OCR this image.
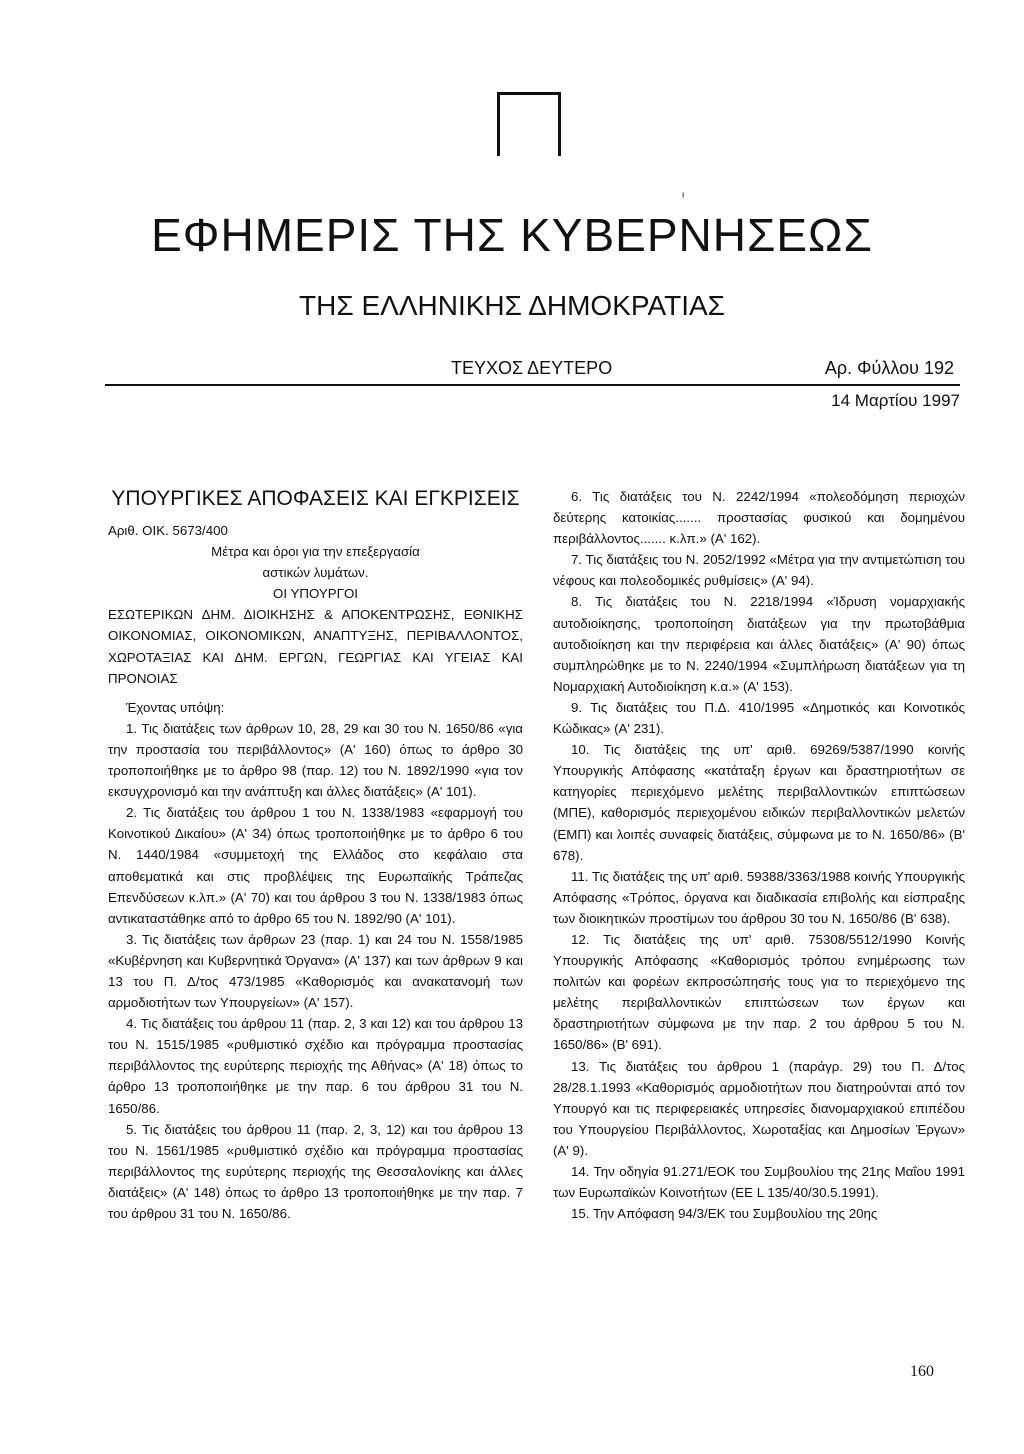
ᶥ
ΕΦΗΜΕΡΙΣ ΤΗΣ ΚΥΒΕΡΝΗΣΕΩΣ
ΤΗΣ ΕΛΛΗΝΙΚΗΣ ΔΗΜΟΚΡΑΤΙΑΣ
ΤΕΥΧΟΣ ΔΕΥΤΕΡΟ	Αρ. Φύλλου 192
14 Μαρτίου 1997
ΥΠΟΥΡΓΙΚΕΣ ΑΠΟΦΑΣΕΙΣ ΚΑΙ ΕΓΚΡΙΣΕΙΣ

Αριθ. ΟΙΚ. 5673/400

Μέτρα και όροι για την επεξεργασία

αστικών λυμάτων.

ΟΙ ΥΠΟΥΡΓΟΙ

ΕΣΩΤΕΡΙΚΩΝ ΔΗΜ. ΔΙΟΙΚΗΣΗΣ & ΑΠΟΚΕΝΤΡΩΣΗΣ, ΕΘΝΙΚΗΣ ΟΙΚΟΝΟΜΙΑΣ, ΟΙΚΟΝΟΜΙΚΩΝ, ΑΝΑΠΤΥΞΗΣ, ΠΕΡΙΒΑΛΛΟΝΤΟΣ, ΧΩΡΟΤΑΞΙΑΣ ΚΑΙ ΔΗΜ. ΕΡΓΩΝ, ΓΕΩΡΓΙΑΣ ΚΑΙ ΥΓΕΙΑΣ ΚΑΙ ΠΡΟΝΟΙΑΣ

Έχοντας υπόψη:

1. Τις διατάξεις των άρθρων 10, 28, 29 και 30 του Ν. 1650/86 «για την προστασία του περιβάλλοντος» (Α' 160) όπως το άρθρο 30 τροποποιήθηκε με το άρθρο 98 (παρ. 12) του Ν. 1892/1990 «για τον εκσυγχρονισμό και την ανάπτυξη και άλλες διατάξεις» (Α' 101).

2. Τις διατάξεις του άρθρου 1 του Ν. 1338/1983 «εφαρμογή του Κοινοτικού Δικαίου» (Α' 34) όπως τροποποιήθηκε με το άρθρο 6 του Ν. 1440/1984 «συμμετοχή της Ελλάδος στο κεφάλαιο στα αποθεματικά και στις προβλέψεις της Ευρωπαϊκής Τράπεζας Επενδύσεων κ.λπ.» (Α' 70) και του άρθρου 3 του Ν. 1338/1983 όπως αντικαταστάθηκε από το άρθρο 65 του Ν. 1892/90 (Α' 101).

3. Τις διατάξεις των άρθρων 23 (παρ. 1) και 24 του Ν. 1558/1985 «Κυβέρνηση και Κυβερνητικά Όργανα» (Α' 137) και των άρθρων 9 και 13 του Π. Δ/τος 473/1985 «Καθορισμός και ανακατανομή των αρμοδιοτήτων των Υπουργείων» (Α' 157).

4. Τις διατάξεις του άρθρου 11 (παρ. 2, 3 και 12) και του άρθρου 13 του Ν. 1515/1985 «ρυθμιστικό σχέδιο και πρόγραμμα προστασίας περιβάλλοντος της ευρύτερης περιοχής της Αθήνας» (Α' 18) όπως το άρθρο 13 τροποποιήθηκε με την παρ. 6 του άρθρου 31 του Ν. 1650/86.

5. Τις διατάξεις του άρθρου 11 (παρ. 2, 3, 12) και του άρθρου 13 του Ν. 1561/1985 «ρυθμιστικό σχέδιο και πρόγραμμα προστασίας περιβάλλοντος της ευρύτερης περιοχής της Θεσσαλονίκης και άλλες διατάξεις» (Α' 148) όπως το άρθρο 13 τροποποιήθηκε με την παρ. 7 του άρθρου 31 του Ν. 1650/86.

6. Τις διατάξεις του Ν. 2242/1994 «πολεοδόμηση περιοχών δεύτερης κατοικίας....... προστασίας φυσικού και δομημένου περιβάλλοντος....... κ.λπ.» (Α' 162).

7. Τις διατάξεις του Ν. 2052/1992 «Μέτρα για την αντιμετώπιση του νέφους και πολεοδομικές ρυθμίσεις» (Α' 94).

8. Τις διατάξεις του Ν. 2218/1994 «Ίδρυση νομαρχιακής αυτοδιοίκησης, τροποποίηση διατάξεων για την πρωτοβάθμια αυτοδιοίκηση και την περιφέρεια και άλλες διατάξεις» (Α' 90) όπως συμπληρώθηκε με το Ν. 2240/1994 «Συμπλήρωση διατάξεων για τη Νομαρχιακή Αυτοδιοίκηση κ.α.» (Α' 153).

9. Τις διατάξεις του Π.Δ. 410/1995 «Δημοτικός και Κοινοτικός Κώδικας» (Α' 231).

10. Τις διατάξεις της υπ' αριθ. 69269/5387/1990 κοινής Υπουργικής Απόφασης «κατάταξη έργων και δραστηριοτήτων σε κατηγορίες περιεχόμενο μελέτης περιβαλλοντικών επιπτώσεων (ΜΠΕ), καθορισμός περιεχομένου ειδικών περιβαλλοντικών μελετών (ΕΜΠ) και λοιπές συναφείς διατάξεις, σύμφωνα με το Ν. 1650/86» (Β' 678).

11. Τις διατάξεις της υπ' αριθ. 59388/3363/1988 κοινής Υπουργικής Απόφασης «Τρόπος, όργανα και διαδικασία επιβολής και είσπραξης των διοικητικών προστίμων του άρθρου 30 του Ν. 1650/86 (Β' 638).

12. Τις διατάξεις της υπ' αριθ. 75308/5512/1990 Κοινής Υπουργικής Απόφασης «Καθορισμός τρόπου ενημέρωσης των πολιτών και φορέων εκπροσώπησής τους για το περιεχόμενο της μελέτης περιβαλλοντικών επιπτώσεων των έργων και δραστηριοτήτων σύμφωνα με την παρ. 2 του άρθρου 5 του Ν. 1650/86» (Β' 691).

13. Τις διατάξεις του άρθρου 1 (παράγρ. 29) του Π. Δ/τος 28/28.1.1993 «Καθορισμός αρμοδιοτήτων που διατηρούνται από τον Υπουργό και τις περιφερειακές υπηρεσίες διανομαρχιακού επιπέδου του Υπουργείου Περιβάλλοντος, Χωροταξίας και Δημοσίων Έργων» (Α' 9).

14. Την οδηγία 91.271/ΕΟΚ του Συμβουλίου της 21ης Μαΐου 1991 των Ευρωπαϊκών Κοινοτήτων (ΕΕ L 135/40/30.5.1991).

15. Την Απόφαση 94/3/ΕΚ του Συμβουλίου της 20ης

160
